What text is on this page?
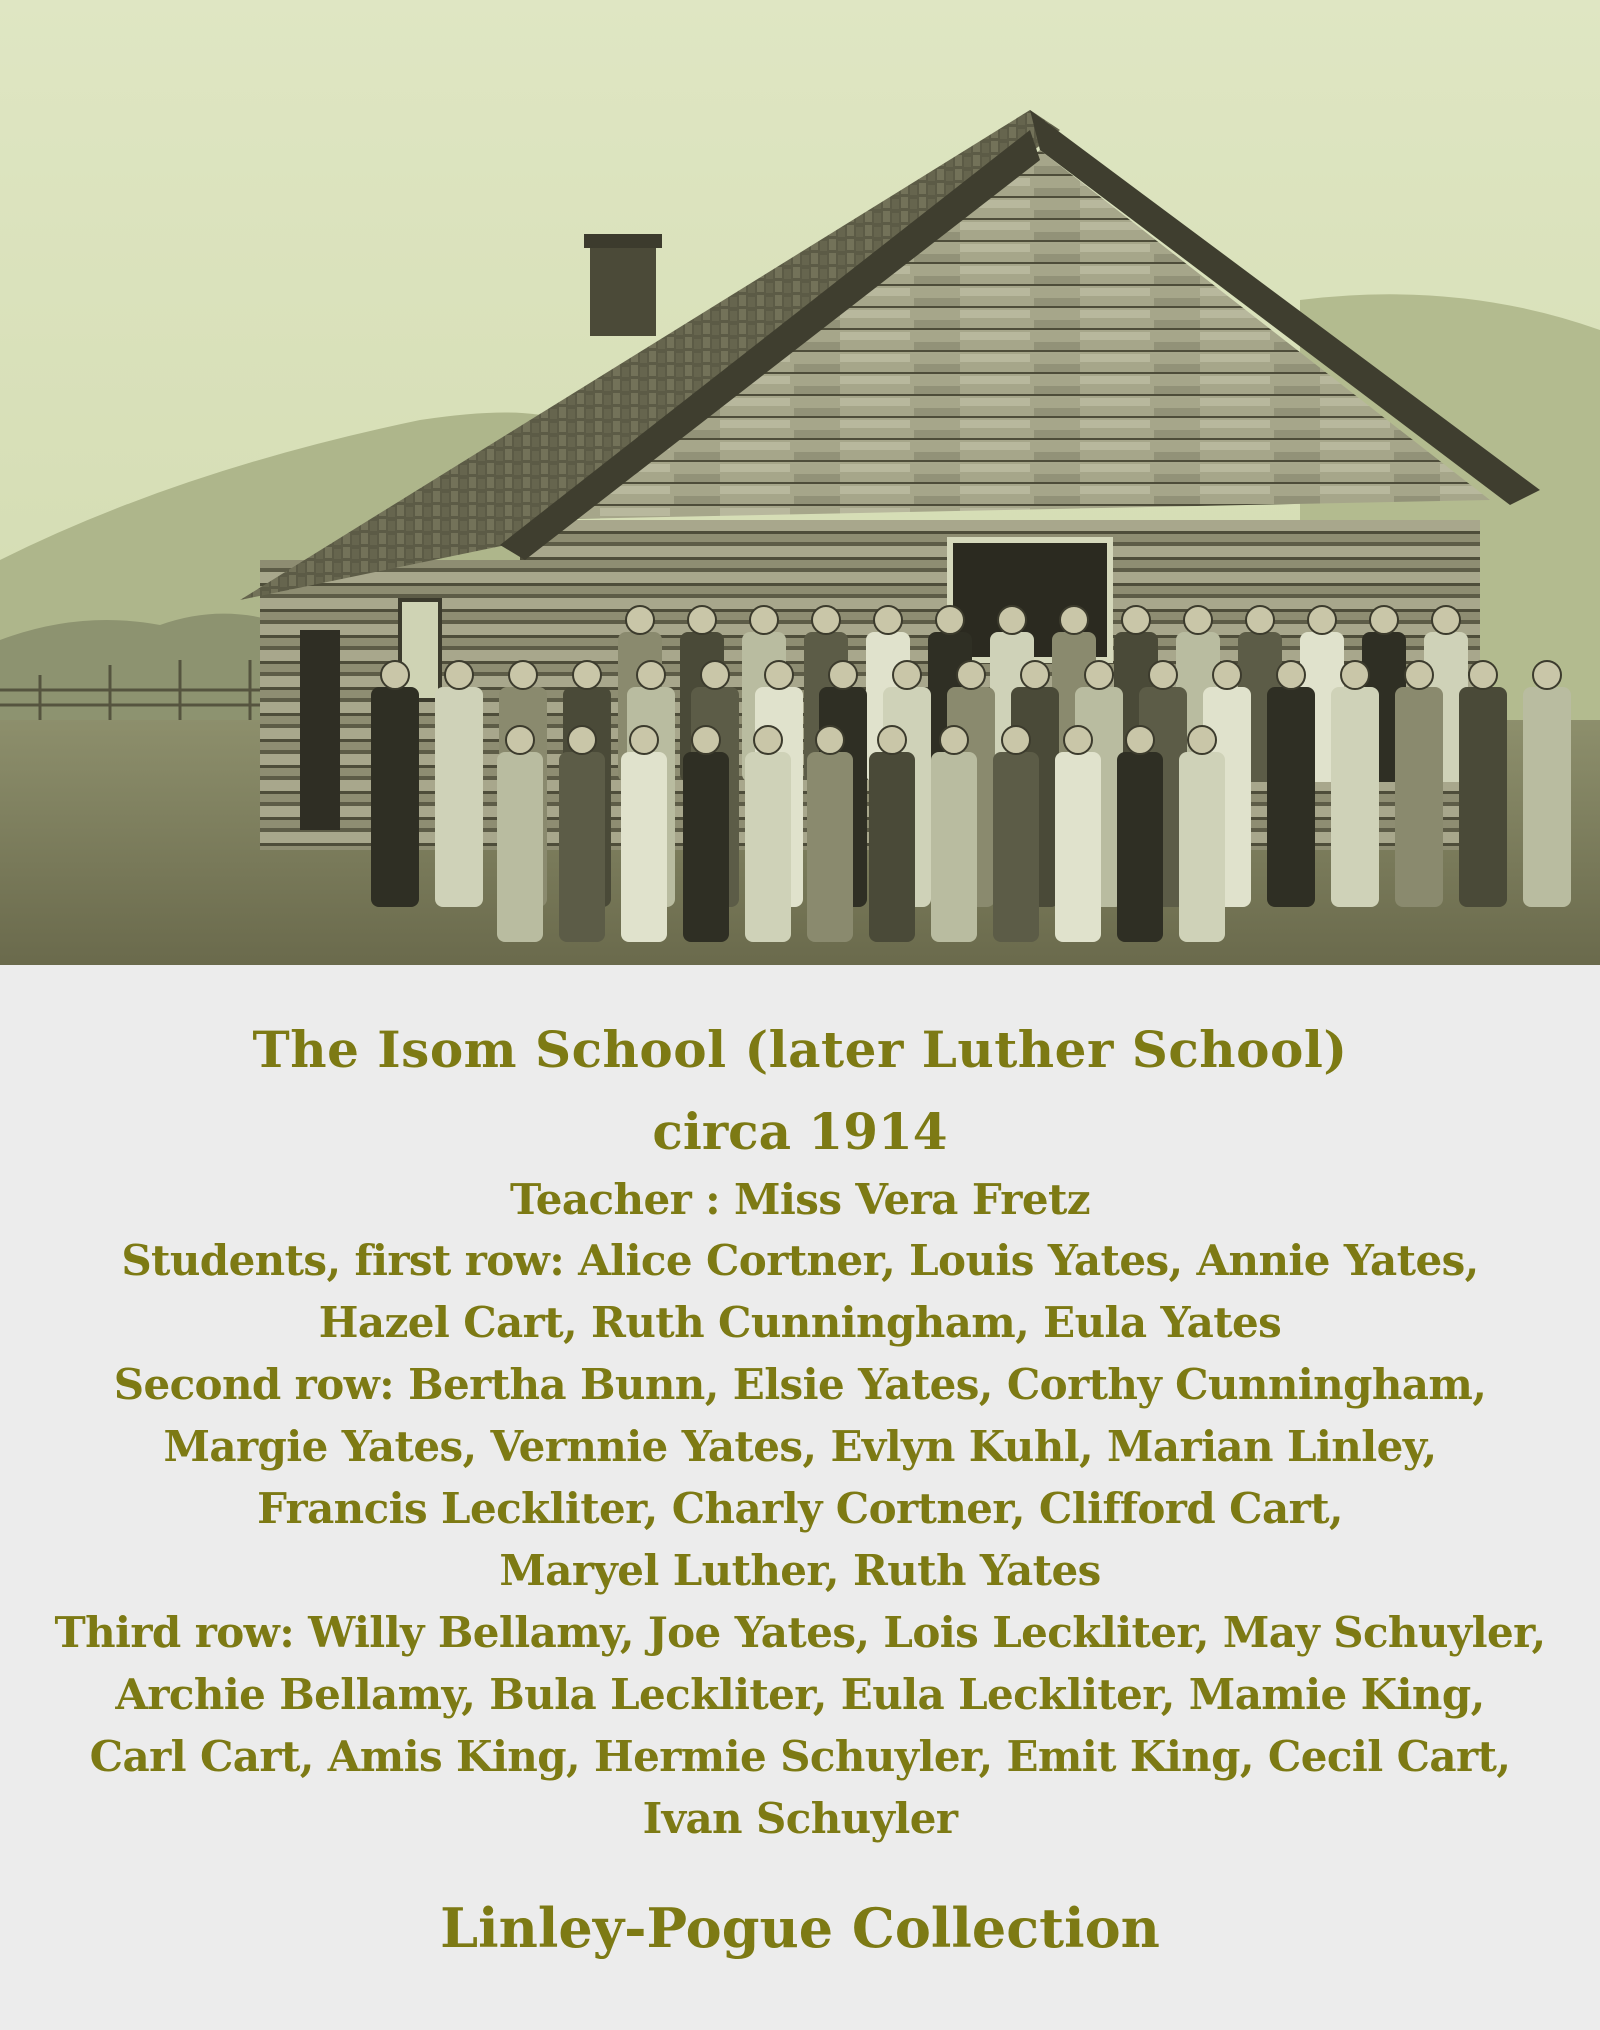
The Isom School (later Luther School)
circa 1914
Teacher : Miss Vera Fretz
Students, first row: Alice Cortner, Louis Yates, Annie Yates,
Hazel Cart, Ruth Cunningham, Eula Yates
Second row: Bertha Bunn, Elsie Yates, Corthy Cunningham,
Margie Yates, Vernnie Yates, Evlyn Kuhl, Marian Linley,
Francis Leckliter, Charly Cortner, Clifford Cart,
Maryel Luther, Ruth Yates
Third row: Willy Bellamy, Joe Yates, Lois Leckliter, May Schuyler,
Archie Bellamy, Bula Leckliter, Eula Leckliter, Mamie King,
Carl Cart, Amis King, Hermie Schuyler, Emit King, Cecil Cart,
Ivan Schuyler
Linley-Pogue Collection
